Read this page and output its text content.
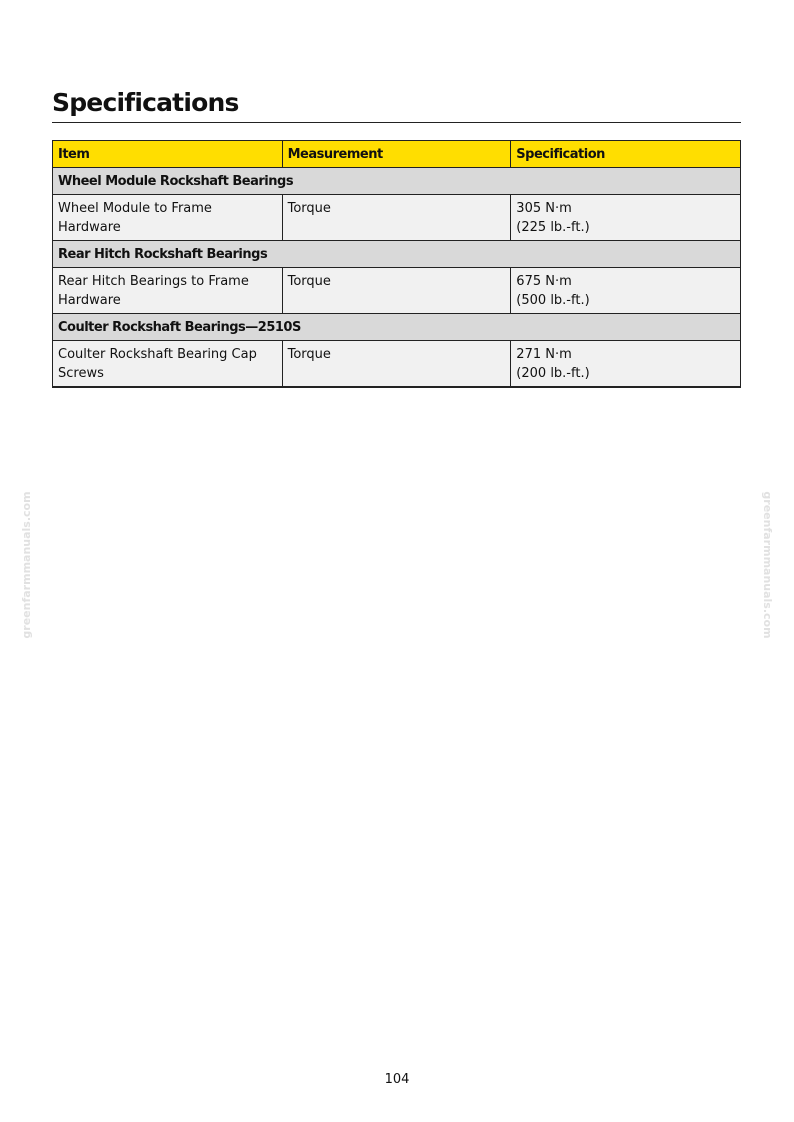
Specifications
Item	Measurement	Specification
Wheel Module Rockshaft Bearings		
Wheel Module to Frame Hardware	Torque	305 N·m
(225 lb.-ft.)

Rear Hitch Rockshaft Bearings		
Rear Hitch Bearings to Frame Hardware	Torque	675 N·m
(500 lb.-ft.)

Coulter Rockshaft Bearings—2510S		
Coulter Rockshaft Bearing Cap Screws	Torque	271 N·m
(200 lb.-ft.)
greenfarmmanuals.com	greenfarmmanuals.com
104
